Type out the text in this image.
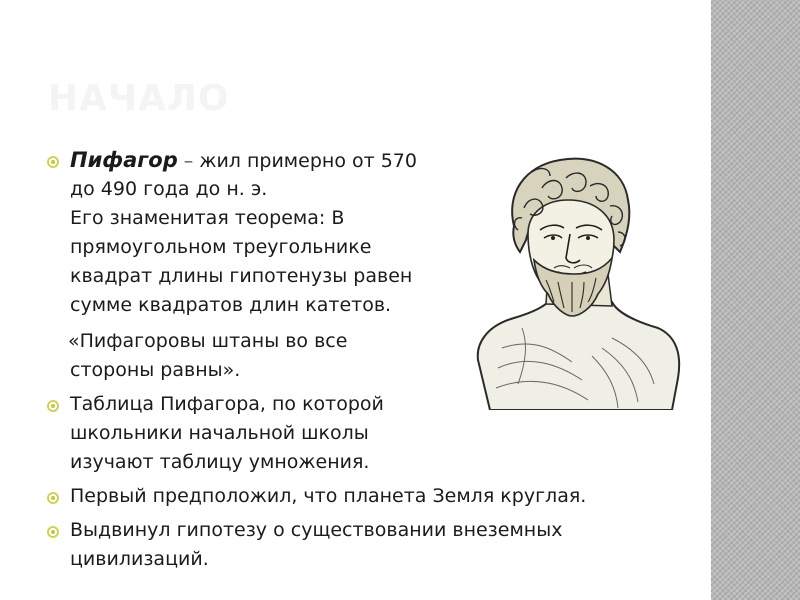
НАЧАЛО
Пифагор – жил примерно от 570
до 490 года до н. э.
Его знаменитая теорема: В
прямоугольном треугольнике
квадрат длины гипотенузы равен
сумме квадратов длин катетов.
«Пифагоровы штаны во все
стороны равны».
Таблица Пифагора, по которой
школьники начальной школы
изучают таблицу умножения.
Первый предположил, что планета Земля круглая.
Выдвинул гипотезу о существовании внеземных
цивилизаций.
